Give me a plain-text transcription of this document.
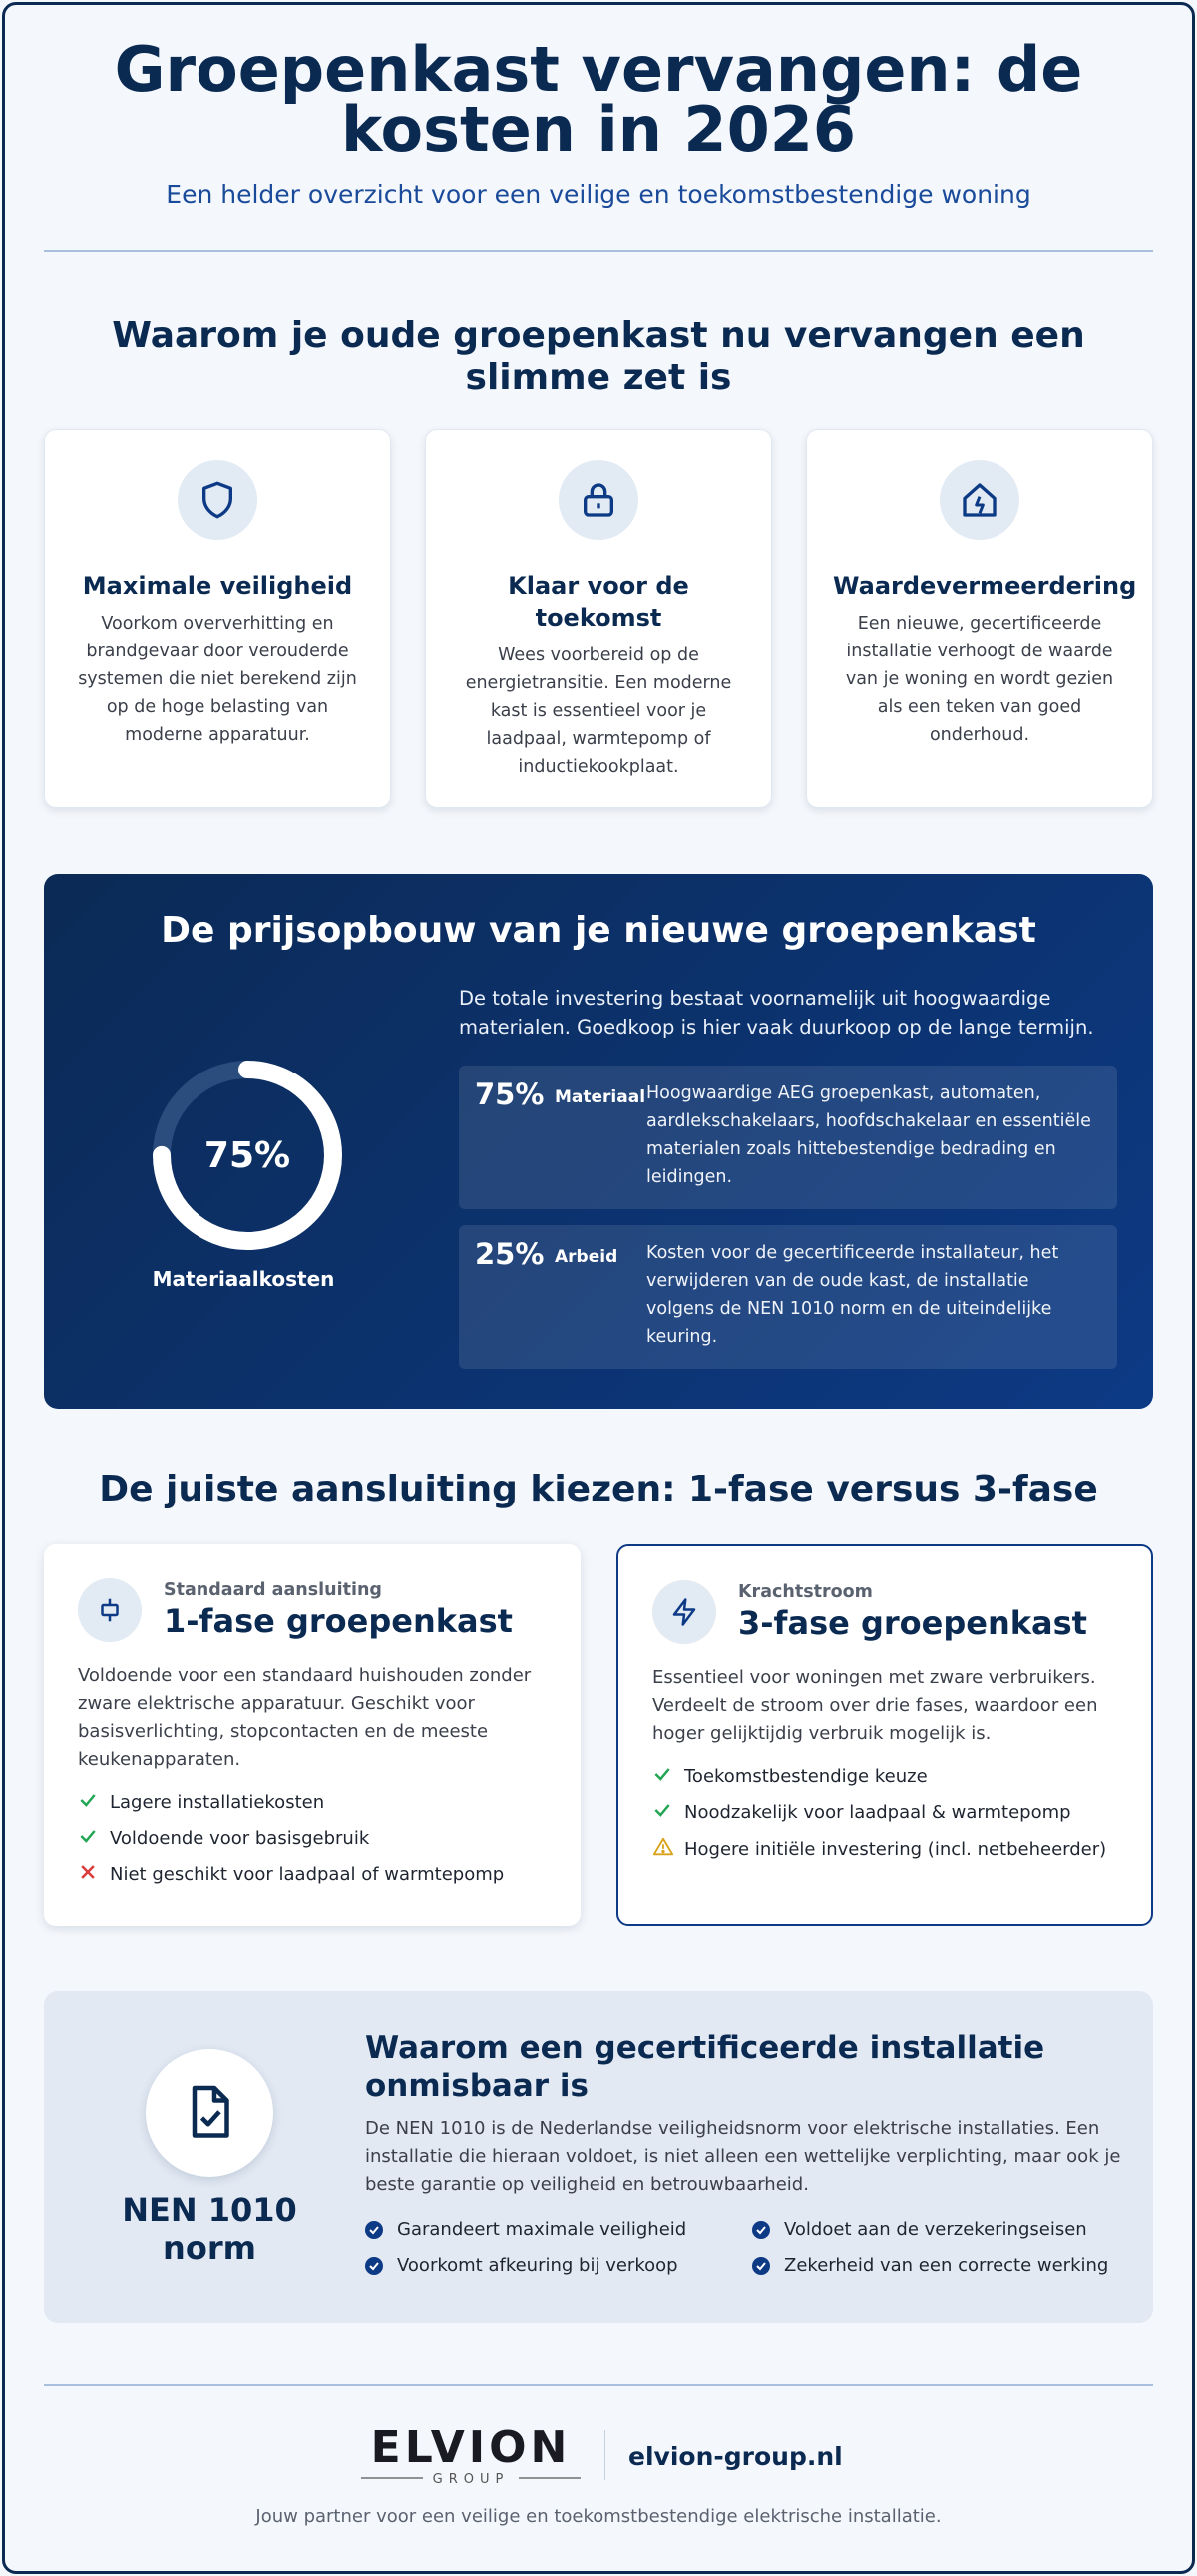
Groepenkast vervangen: de kosten in 2026
Een helder overzicht voor een veilige en toekomstbestendige woning
Waarom je oude groepenkast nu vervangen een slimme zet is
Maximale veiligheid

Voorkom oververhitting en brandgevaar door verouderde systemen die niet berekend zijn op de hoge belasting van moderne apparatuur.

Klaar voor de toekomst

Wees voorbereid op de energietransitie. Een moderne kast is essentieel voor je laadpaal, warmtepomp of inductiekookplaat.

Waardevermeerdering

Een nieuwe, gecertificeerde installatie verhoogt de waarde van je woning en wordt gezien als een teken van goed onderhoud.

De prijsopbouw van je nieuwe groepenkast
75%
Materiaalkosten
De totale investering bestaat voornamelijk uit hoogwaardige materialen. Goedkoop is hier vaak duurkoop op de lange termijn.
75% Materiaal Hoogwaardige AEG groepenkast, automaten, aardlekschakelaars, hoofdschakelaar en essentiële materialen zoals hittebestendige bedrading en leidingen.
25% Arbeid Kosten voor de gecertificeerde installateur, het verwijderen van de oude kast, de installatie volgens de NEN 1010 norm en de uiteindelijke keuring.
De juiste aansluiting kiezen: 1-fase versus 3-fase
Standaard aansluiting
1-fase groepenkast
Voldoende voor een standaard huishouden zonder zware elektrische apparatuur. Geschikt voor basisverlichting, stopcontacten en de meeste keukenapparaten.
Lagere installatiekosten
Voldoende voor basisgebruik
Niet geschikt voor laadpaal of warmtepomp
Krachtstroom
3-fase groepenkast
Essentieel voor woningen met zware verbruikers. Verdeelt de stroom over drie fases, waardoor een hoger gelijktijdig verbruik mogelijk is.
Toekomstbestendige keuze
Noodzakelijk voor laadpaal & warmtepomp
Hogere initiële investering (incl. netbeheerder)
NEN 1010 norm
Waarom een gecertificeerde installatie onmisbaar is
De NEN 1010 is de Nederlandse veiligheidsnorm voor elektrische installaties. Een installatie die hieraan voldoet, is niet alleen een wettelijke verplichting, maar ook je beste garantie op veiligheid en betrouwbaarheid.
Garandeert maximale veiligheid	Voldoet aan de verzekeringseisen
Voorkomt afkeuring bij verkoop	Zekerheid van een correcte werking
ELVION
GROUP
elvion-group.nl
Jouw partner voor een veilige en toekomstbestendige elektrische installatie.
